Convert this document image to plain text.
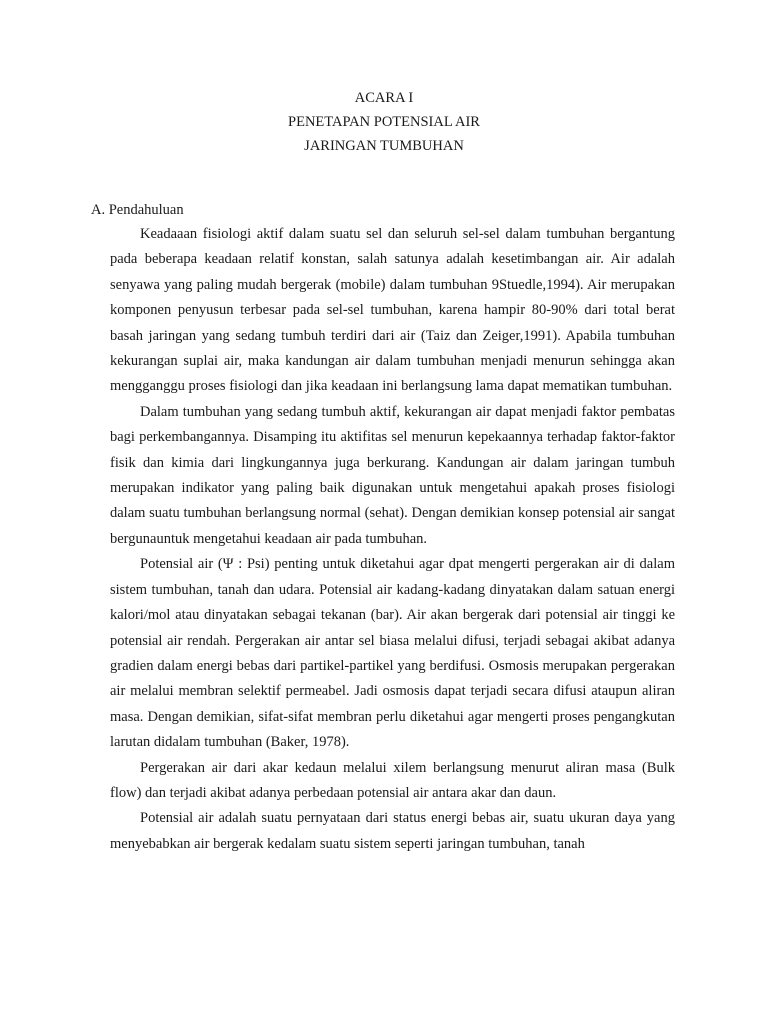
ACARA I
PENETAPAN POTENSIAL AIR
JARINGAN TUMBUHAN
A. Pendahuluan

Keadaaan fisiologi aktif dalam suatu sel dan seluruh sel-sel dalam tumbuhan bergantung pada beberapa keadaan relatif konstan, salah satunya adalah kesetimbangan air. Air adalah senyawa yang paling mudah bergerak (mobile) dalam tumbuhan 9Stuedle,1994). Air merupakan komponen penyusun terbesar pada sel-sel tumbuhan, karena hampir 80-90% dari total berat basah jaringan yang sedang tumbuh terdiri dari air (Taiz dan Zeiger,1991). Apabila tumbuhan kekurangan suplai air, maka kandungan air dalam tumbuhan menjadi menurun sehingga akan mengganggu proses fisiologi dan jika keadaan ini berlangsung lama dapat mematikan tumbuhan.

Dalam tumbuhan yang sedang tumbuh aktif, kekurangan air dapat menjadi faktor pembatas bagi perkembangannya. Disamping itu aktifitas sel menurun kepekaannya terhadap faktor-faktor fisik dan kimia dari lingkungannya juga berkurang. Kandungan air dalam jaringan tumbuh merupakan indikator yang paling baik digunakan untuk mengetahui apakah proses fisiologi dalam suatu tumbuhan berlangsung normal (sehat). Dengan demikian konsep potensial air sangat bergunauntuk mengetahui keadaan air pada tumbuhan.

Potensial air (Ψ : Psi) penting untuk diketahui agar dpat mengerti pergerakan air di dalam sistem tumbuhan, tanah dan udara. Potensial air kadang-kadang dinyatakan dalam satuan energi kalori/mol atau dinyatakan sebagai tekanan (bar). Air akan bergerak dari potensial air tinggi ke potensial air rendah. Pergerakan air antar sel biasa melalui difusi, terjadi sebagai akibat adanya gradien dalam energi bebas dari partikel-partikel yang berdifusi. Osmosis merupakan pergerakan air melalui membran selektif permeabel. Jadi osmosis dapat terjadi secara difusi ataupun aliran masa. Dengan demikian, sifat-sifat membran perlu diketahui agar mengerti proses pengangkutan larutan didalam tumbuhan (Baker, 1978).

Pergerakan air dari akar kedaun melalui xilem berlangsung menurut aliran masa (Bulk flow) dan terjadi akibat adanya perbedaan potensial air antara akar dan daun.

Potensial air adalah suatu pernyataan dari status energi bebas air, suatu ukuran daya yang menyebabkan air bergerak kedalam suatu sistem seperti jaringan tumbuhan, tanah
